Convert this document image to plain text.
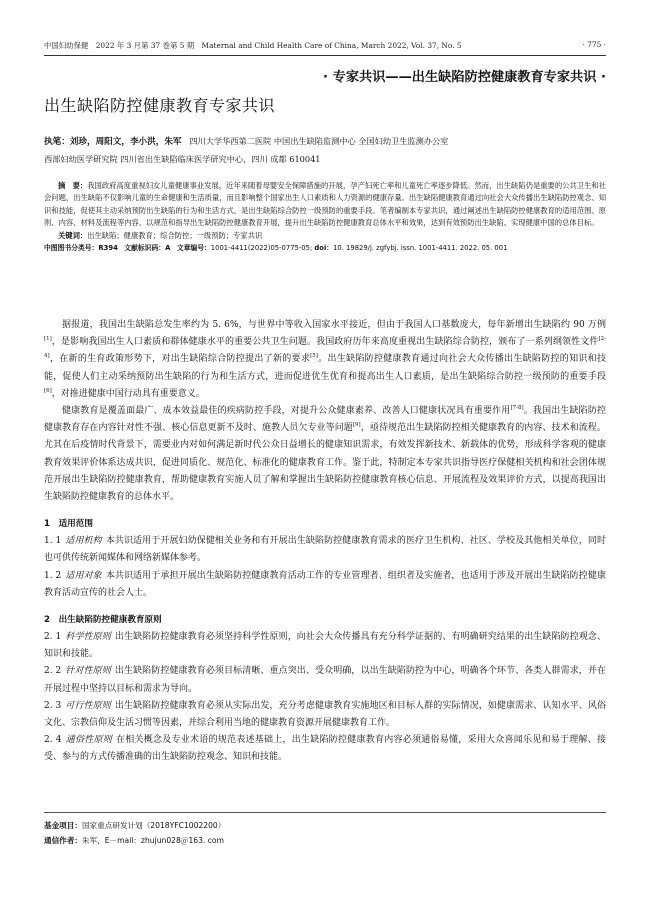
中国妇幼保健　2022 年 3 月第 37 卷第 5 期　Maternal and Child Health Care of China, March 2022, Vol. 37, No. 5	· 775 ·
· 专家共识——出生缺陷防控健康教育专家共识 ·
出生缺陷防控健康教育专家共识
执笔：刘珍，周阳文，李小洪，朱军 四川大学华西第二医院 中国出生缺陷监测中心 全国妇幼卫生监测办公室
西部妇幼医学研究院 四川省出生缺陷临床医学研究中心，四川 成都 610041

摘　要：我国政府高度重视妇女儿童健康事业发展，近年来随着母婴安全保障措施的开展，孕产妇死亡率和儿童死亡率逐步降低。然而，出生缺陷仍是重要的公共卫生和社会问题，出生缺陷不仅影响儿童的生命健康和生活质量，而且影响整个国家出生人口素质和人力资源的健康存量。出生缺陷健康教育通过向社会大众传播出生缺陷防控观念、知识和技能，促使其主动采纳预防出生缺陷的行为和生活方式，是出生缺陷综合防控一级预防的重要手段。笔者编制本专家共识，通过阐述出生缺陷防控健康教育的适用范围、原则、内容、材料及流程等内容，以规范和指导出生缺陷防控健康教育开展，提升出生缺陷防控健康教育总体水平和效果，达到有效预防出生缺陷、实现健康中国的总体目标。

关键词：出生缺陷；健康教育；综合防控；一级预防；专家共识

中图图书分类号：R394 文献标识码：A 文章编号：1001-4411(2022)05-0775-05; doi：10. 19829/j. zgfybj. issn. 1001-4411. 2022. 05. 001

据报道，我国出生缺陷总发生率约为 5. 6%，与世界中等收入国家水平接近，但由于我国人口基数庞大，每年新增出生缺陷约 90 万例[1]，是影响我国出生人口素质和群体健康水平的重要公共卫生问题。我国政府历年来高度重视出生缺陷综合防控，颁布了一系列纲领性文件[2-4]，在新的生育政策形势下，对出生缺陷综合防控提出了新的要求[5]。出生缺陷防控健康教育通过向社会大众传播出生缺陷防控的知识和技能，促使人们主动采纳预防出生缺陷的行为和生活方式，进而促进优生优育和提高出生人口素质，是出生缺陷综合防控一级预防的重要手段[6]，对推进健康中国行动具有重要意义。

健康教育是覆盖面最广、成本效益最佳的疾病防控手段，对提升公众健康素养、改善人口健康状况具有重要作用[7-8]。我国出生缺陷防控健康教育存在内容针对性不强、核心信息更新不及时、施教人员欠专业等问题[9]，亟待规范出生缺陷防控相关健康教育的内容、技术和流程。尤其在后疫情时代背景下，需要业内对如何满足新时代公众日益增长的健康知识需求，有效发挥新技术、新载体的优势，形成科学客观的健康教育效果评价体系达成共识，促进同质化、规范化、标准化的健康教育工作。鉴于此，特制定本专家共识指导医疗保健相关机构和社会团体规范开展出生缺陷防控健康教育，帮助健康教育实施人员了解和掌握出生缺陷防控健康教育核心信息、开展流程及效果评价方式，以提高我国出生缺陷防控健康教育的总体水平。

1　适用范围

1. 1 适用机构 本共识适用于开展妇幼保健相关业务和有开展出生缺陷防控健康教育需求的医疗卫生机构、社区、学校及其他相关单位，同时也可供传统新闻媒体和网络新媒体参考。

1. 2 适用对象 本共识适用于承担开展出生缺陷防控健康教育活动工作的专业管理者、组织者及实施者，也适用于涉及开展出生缺陷防控健康教育活动宣传的社会人士。

2　出生缺陷防控健康教育原则

2. 1 科学性原则 出生缺陷防控健康教育必须坚持科学性原则，向社会大众传播具有充分科学证据的、有明确研究结果的出生缺陷防控观念、知识和技能。

2. 2 针对性原则 出生缺陷防控健康教育必须目标清晰、重点突出、受众明确，以出生缺陷防控为中心，明确各个环节、各类人群需求，并在开展过程中坚持以目标和需求为导向。

2. 3 可行性原则 出生缺陷防控健康教育必须从实际出发，充分考虑健康教育实施地区和目标人群的实际情况，如健康需求、认知水平、风俗文化、宗教信仰及生活习惯等因素，并综合利用当地的健康教育资源开展健康教育工作。

2. 4 通俗性原则 在相关概念及专业术语的规范表述基础上，出生缺陷防控健康教育内容必须通俗易懂，采用大众喜闻乐见和易于理解、接受、参与的方式传播准确的出生缺陷防控观念、知识和技能。

基金项目：国家重点研发计划（2018YFC1002200）
通信作者：朱军，E－mail：zhujun028＠163. com
